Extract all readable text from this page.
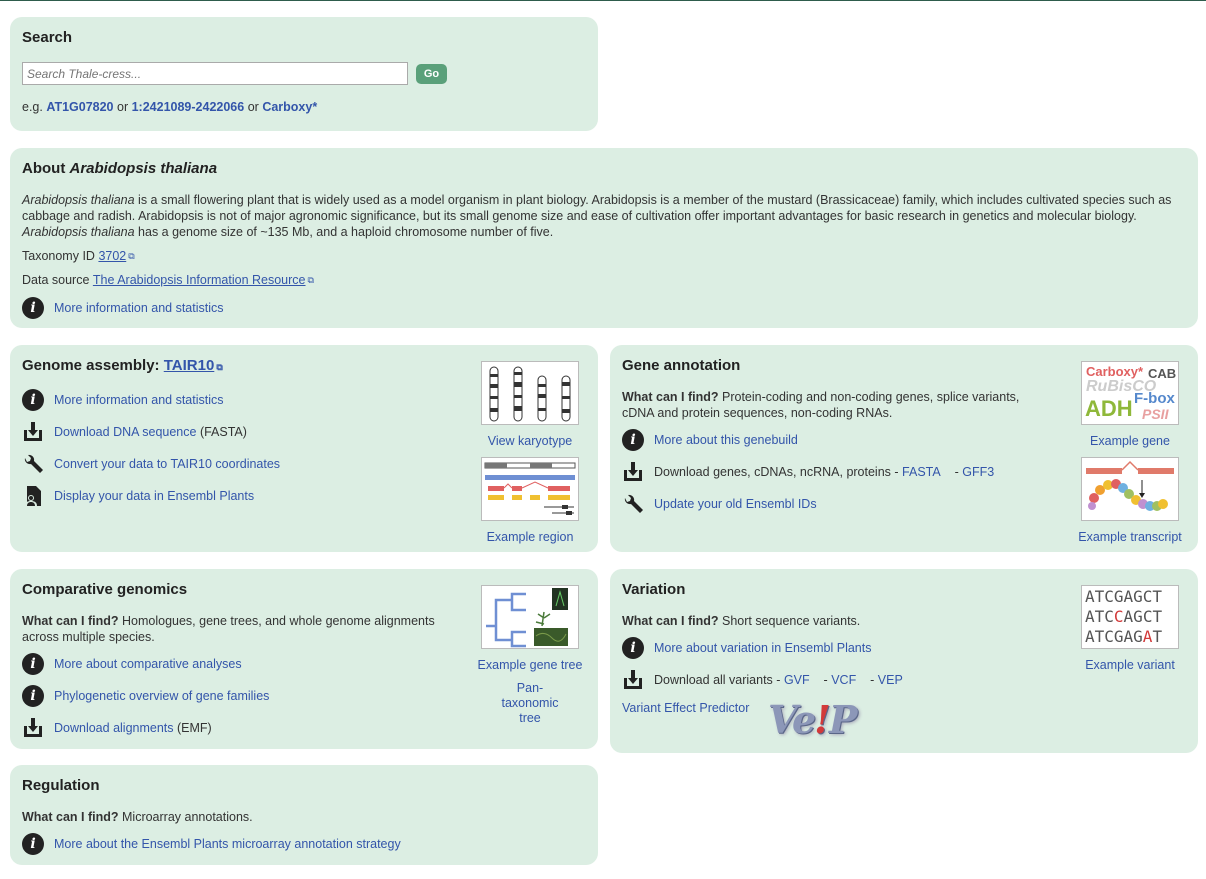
Search
Search Thale-cress...
Go
e.g.
AT1G07820
or
1:2421089-2422066
or
Carboxy*
About Arabidopsis thaliana
Arabidopsis thaliana is a small flowering plant that is widely used as a model organism in plant biology. Arabidopsis is a member of the mustard (Brassicaceae) family, which includes cultivated species such as cabbage and radish. Arabidopsis is not of major agronomic significance, but its small genome size and ease of cultivation offer important advantages for basic research in genetics and molecular biology. Arabidopsis thaliana has a genome size of ~135 Mb, and a haploid chromosome number of five.
Taxonomy ID
3702 ⧉
Data source
The Arabidopsis Information Resource ⧉
i	More information and statistics
Genome assembly: TAIR10 ⧉
i	More information and statistics
Download DNA sequence
(FASTA)
Convert your data to TAIR10 coordinates
Display your data in Ensembl Plants
View karyotype
Example region
Gene annotation
What can I find? Protein-coding and non-coding genes, splice variants, cDNA and protein sequences, non-coding RNAs.
i	More about this genebuild
Download genes, cDNAs, ncRNA, proteins -
FASTA
-
GFF3
Update your old Ensembl IDs
Carboxy* CAB
RuBisCO
ADH F-box
PSII
Example gene
Example transcript
Comparative genomics
What can I find? Homologues, gene trees, and whole genome alignments across multiple species.
i	More about comparative analyses
i	Phylogenetic overview of gene families
Download alignments
(EMF)
Example gene tree
Pan-taxonomic tree
Variation
What can I find? Short sequence variants.
i	More about variation in Ensembl Plants
Download all variants -
GVF
-
VCF
-
VEP
Variant Effect Predictor Ve!P
ATCGAGCT
ATCCAGCT
ATCGAGAT
Example variant
Regulation
What can I find? Microarray annotations.
i	More about the Ensembl Plants microarray annotation strategy
